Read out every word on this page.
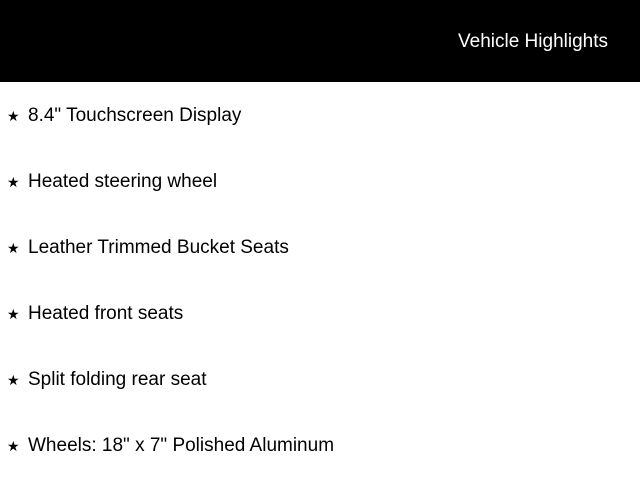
Vehicle Highlights
★ 8.4" Touchscreen Display
★ Heated steering wheel
★ Leather Trimmed Bucket Seats
★ Heated front seats
★ Split folding rear seat
★ Wheels: 18" x 7" Polished Aluminum
